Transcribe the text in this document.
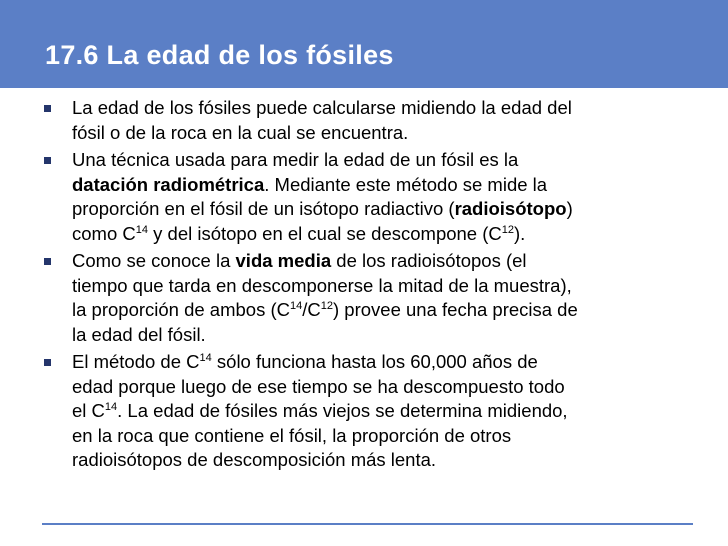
17.6 La edad de los fósiles
La edad de los fósiles puede calcularse midiendo la edad del
fósil o de la roca en la cual se encuentra.
Una técnica usada para medir la edad de un fósil es la
datación radiométrica. Mediante este método se mide la
proporción en el fósil de un isótopo radiactivo (radioisótopo)
como $C^{14}$ y del isótopo en el cual se descompone $(C^{12})$.
Como se conoce la vida media de los radioisótopos (el
tiempo que tarda en descomponerse la mitad de la muestra),
la proporción de ambos $(C^{14}/C^{12})$ provee una fecha precisa de
la edad del fósil.
El método de $C^{14}$ sólo funciona hasta los 60,000 años de
edad porque luego de ese tiempo se ha descompuesto todo
el $C^{14}$. La edad de fósiles más viejos se determina midiendo,
en la roca que contiene el fósil, la proporción de otros
radioisótopos de descomposición más lenta.
